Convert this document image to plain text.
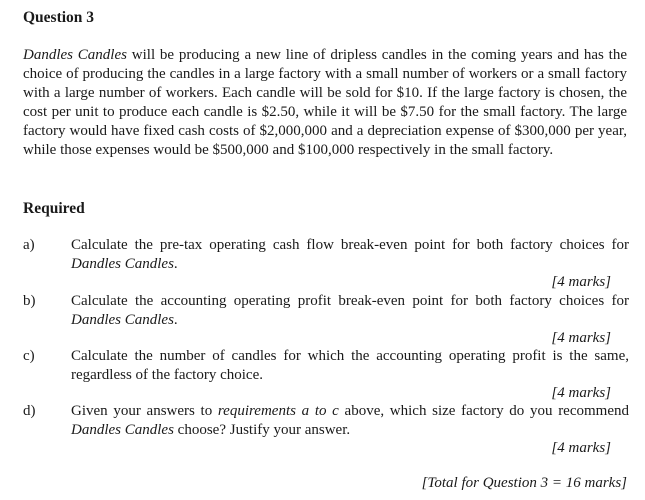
Question 3

Dandles Candles will be producing a new line of dripless candles in the coming years and has the choice of producing the candles in a large factory with a small number of workers or a small factory with a large number of workers. Each candle will be sold for $10. If the large factory is chosen, the cost per unit to produce each candle is $2.50, while it will be $7.50 for the small factory. The large factory would have fixed cash costs of $2,000,000 and a depreciation expense of $300,000 per year, while those expenses would be $500,000 and $100,000 respectively in the small factory.

Required
a) Calculate the pre-tax operating cash flow break-even point for both factory choices for Dandles Candles.

[4 marks]
b) Calculate the accounting operating profit break-even point for both factory choices for Dandles Candles.

[4 marks]
c) Calculate the number of candles for which the accounting operating profit is the same, regardless of the factory choice.

[4 marks]
d) Given your answers to requirements a to c above, which size factory do you recommend Dandles Candles choose? Justify your answer.

[4 marks]
[Total for Question 3 = 16 marks]
